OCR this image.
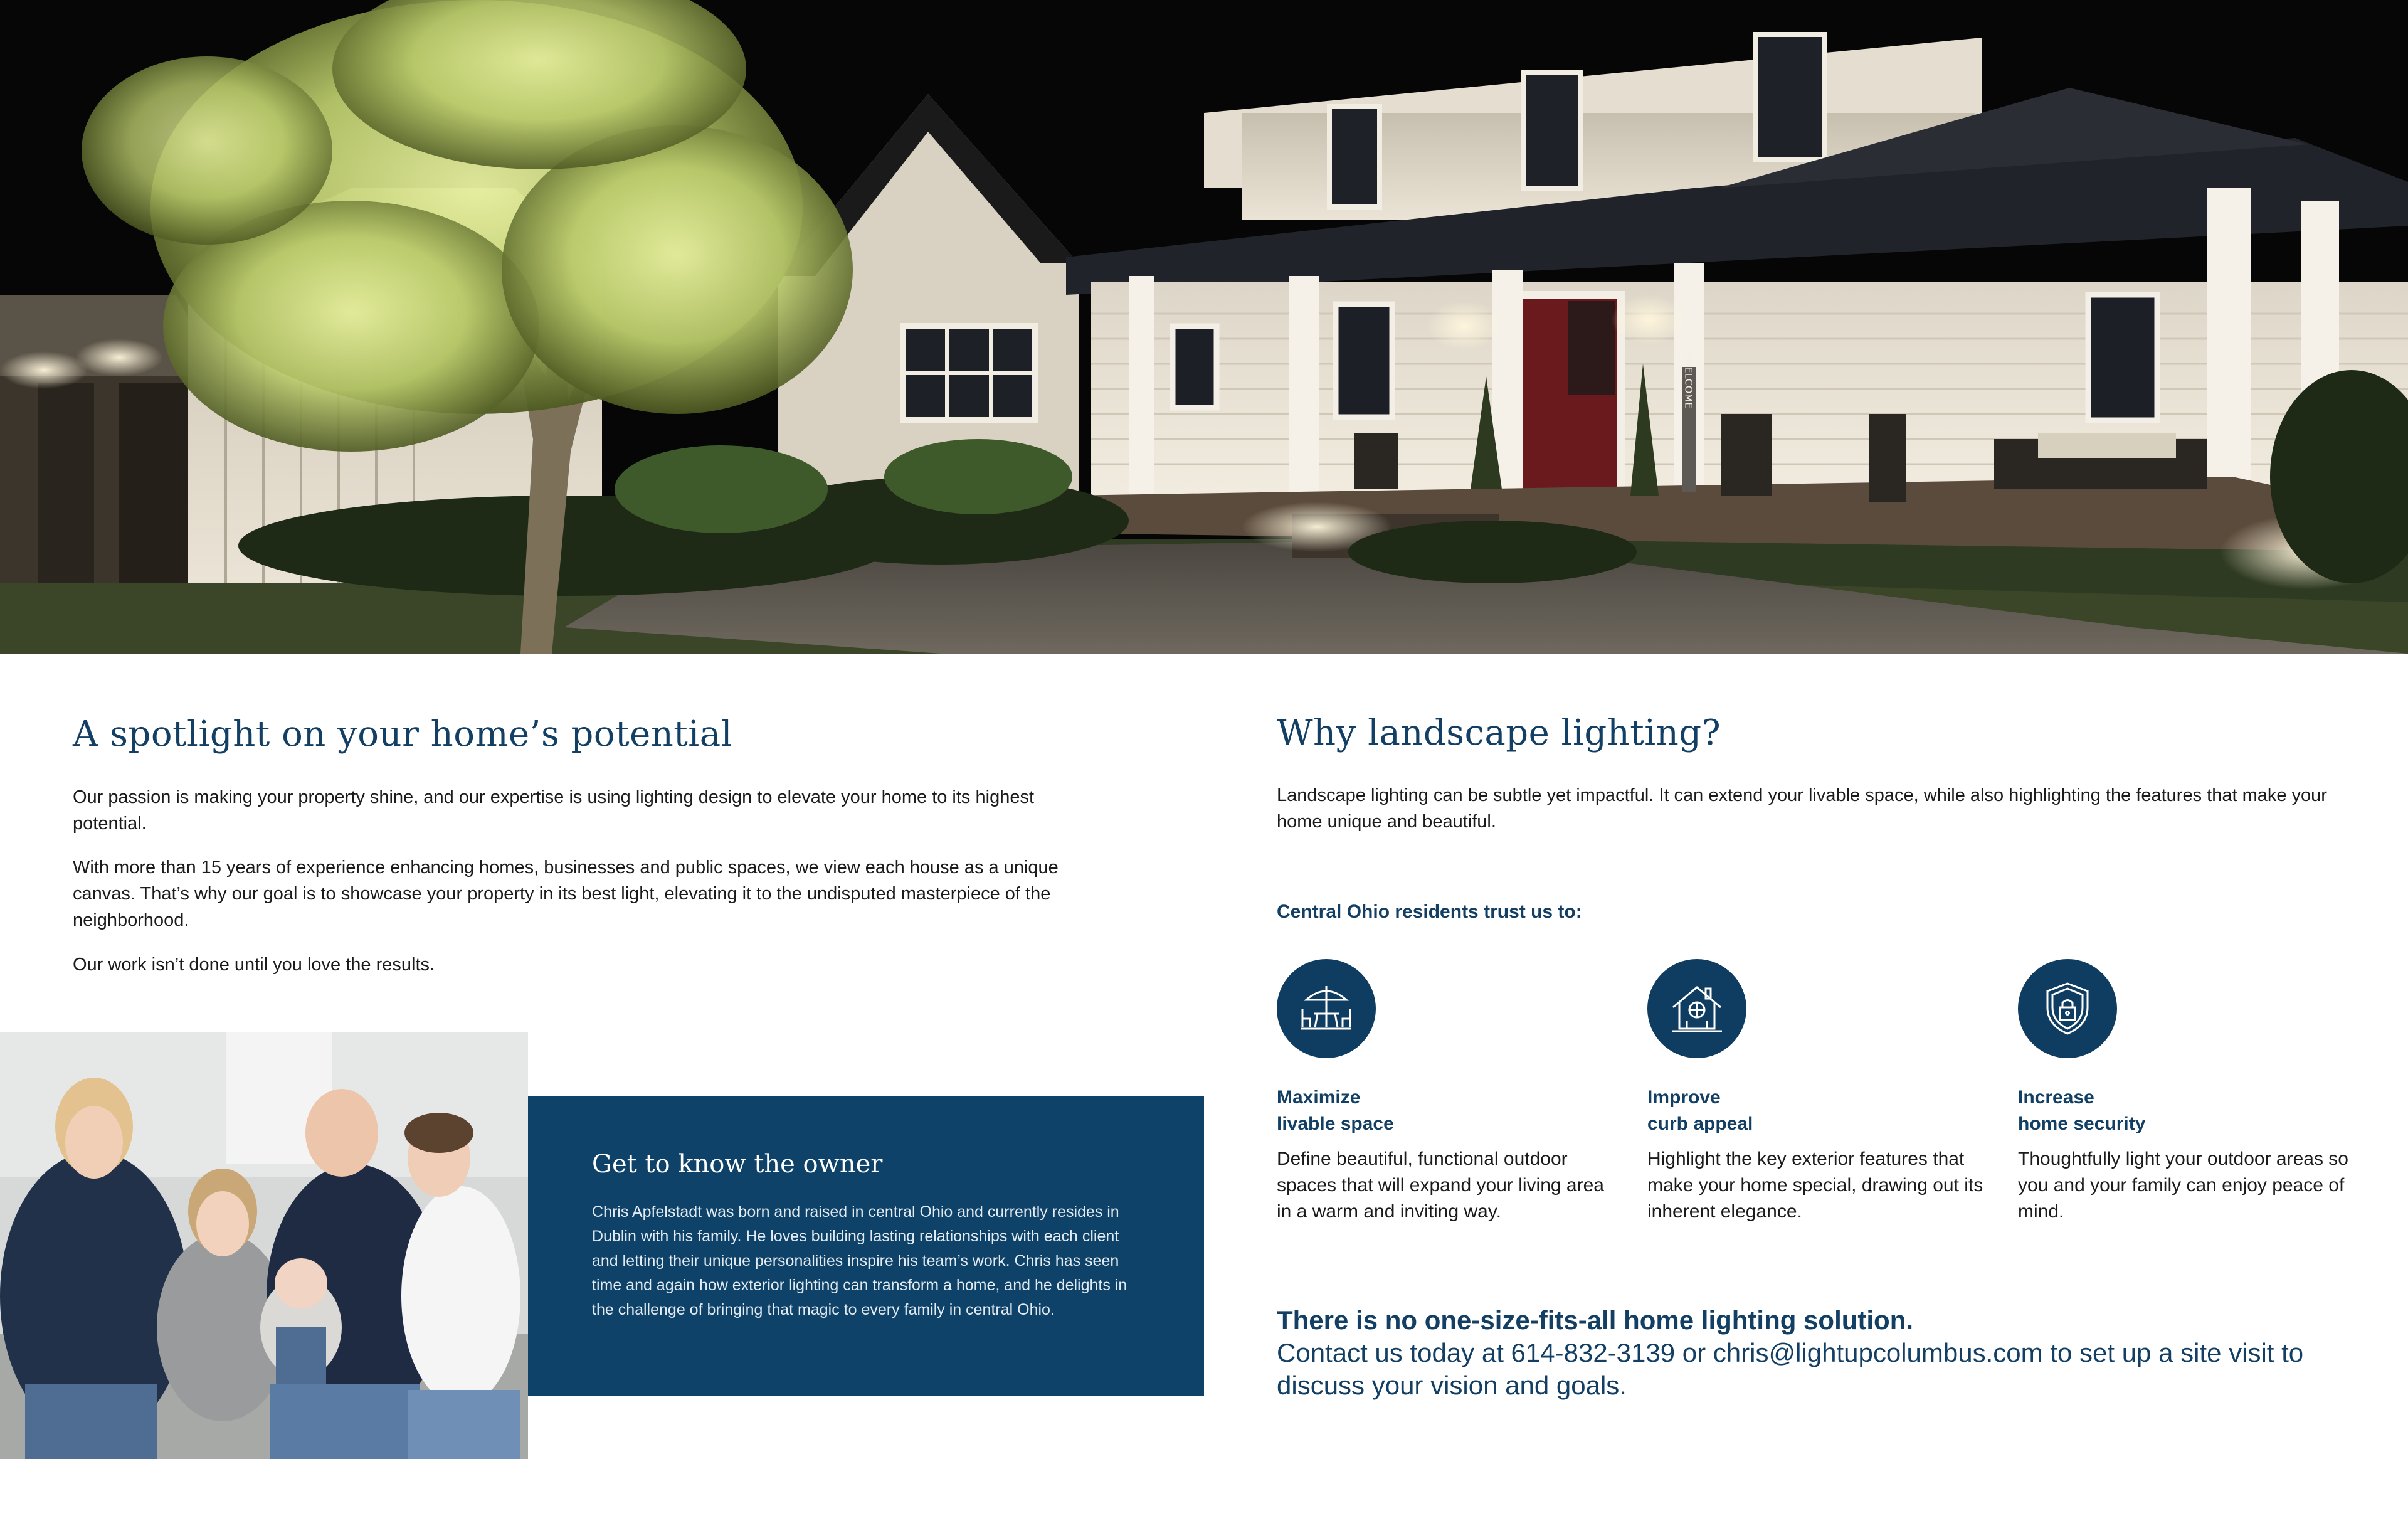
WELCOME
A spotlight on your home’s potential

Our passion is making your property shine, and our expertise is using lighting design to elevate your home to its highest potential.

With more than 15 years of experience enhancing homes, businesses and public spaces, we view each house as a unique canvas. That’s why our goal is to showcase your property in its best light, elevating it to the undisputed masterpiece of the neighborhood.

Our work isn’t done until you love the results.

Get to know the owner

Chris Apfelstadt was born and raised in central Ohio and currently resides in Dublin with his family. He loves building lasting relationships with each client and letting their unique personalities inspire his team’s work. Chris has seen time and again how exterior lighting can transform a home, and he delights in the challenge of bringing that magic to every family in central Ohio.

Why landscape lighting?

Landscape lighting can be subtle yet impactful. It can extend your livable space, while also highlighting the features that make your home unique and beautiful.

Central Ohio residents trust us to:

Maximize
livable space

Define beautiful, functional outdoor spaces that will expand your living area in a warm and inviting way.

Improve
curb appeal

Highlight the key exterior features that make your home special, drawing out its inherent elegance.

Increase
home security

Thoughtfully light your outdoor areas so you and your family can enjoy peace of mind.

There is no one-size-fits-all home lighting solution.
Contact us today at 614-832-3139 or chris@lightupcolumbus.com to set up a site visit to discuss your vision and goals.
